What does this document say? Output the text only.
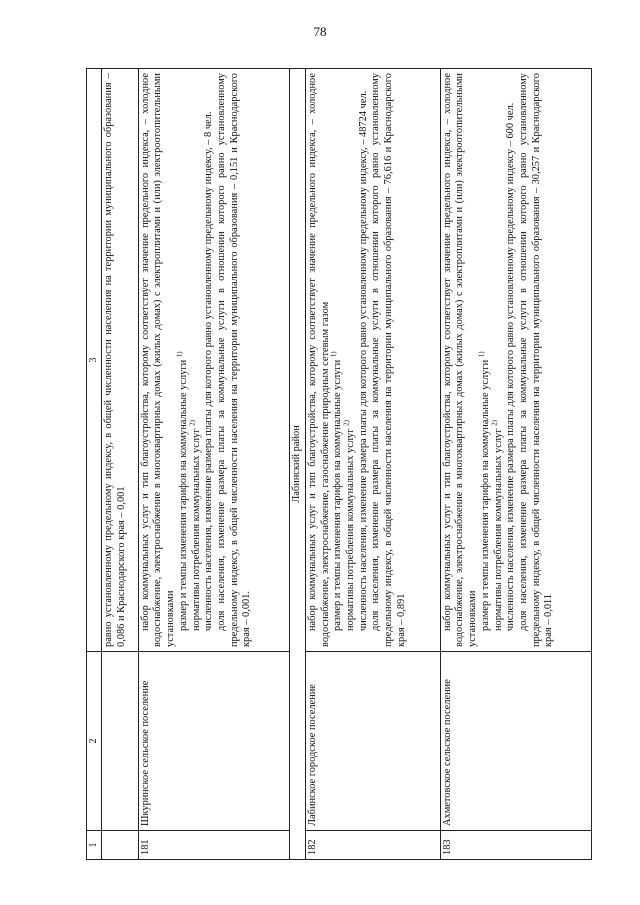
78
1	2	3

		равно установленному предельному индексу, в общей численности населения на территории муниципального образования – 0,086 и Краснодарского края – 0,001

181	Шкуринское сельское поселение	набор коммунальных услуг и тип благоустройства, которому соответствует значение предельного индекса, – холодное водоснабжение, электроснабжение в многоквартирных домах (жилых домах) с электроплитами и (или) электроотопительными установками размер и темпы изменения тарифов на коммунальные услуги $^{1)}$

нормативы потребления коммунальных услуг $^{2)}$ численность населения, изменение размера платы для которого равно установленному предельному индексу, – 8 чел. доля населения, изменение размера платы за коммунальные услуги в отношении которого равно установленному предельному индексу, в общей численности населения на территории муниципального образования – 0,151 и Краснодарского края – 0,001.

Лабинский район		
182	Лабинское городское поселение	набор коммунальных услуг и тип благоустройства, которому соответствует значение предельного индекса, – холодное водоснабжение, электроснабжение, газоснабжение природным сетевым газом размер и темпы изменения тарифов на коммунальные услуги $^{1)}$

нормативы потребления коммунальных услуг $^{2)}$ численность населения, изменение размера платы для которого равно установленному предельному индексу, – 48724 чел. доля населения, изменение размера платы за коммунальные услуги в отношении которого равно установленному предельному индексу, в общей численности населения на территории муниципального образования – 76,616 и Краснодарского края – 0,891

183	Ахметовское сельское поселение	набор коммунальных услуг и тип благоустройства, которому соответствует значение предельного индекса, – холодное водоснабжение, электроснабжение в многоквартирных домах (жилых домах) с электроплитами и (или) электроотопительными установками размер и темпы изменения тарифов на коммунальные услуги $^{1)}$

нормативы потребления коммунальных услуг $^{2)}$ численность населения, изменение размера платы для которого равно установленному предельному индексу – 600 чел. доля населения, изменение размера платы за коммунальные услуги в отношении которого равно установленному предельному индексу, в общей численности населения на территории муниципального образования – 30,257 и Краснодарского края – 0,011
